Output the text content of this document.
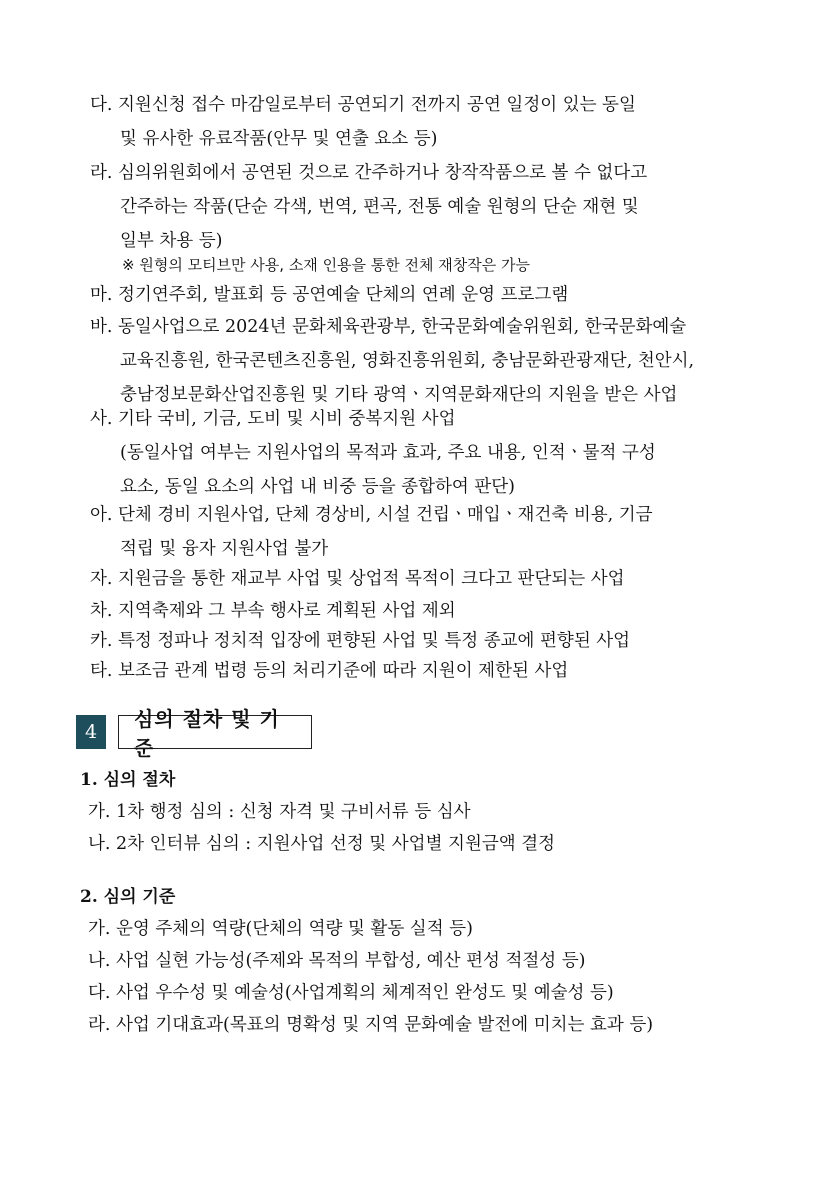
다. 지원신청 접수 마감일로부터 공연되기 전까지 공연 일정이 있는 동일
및 유사한 유료작품(안무 및 연출 요소 등)
라. 심의위원회에서 공연된 것으로 간주하거나 창작작품으로 볼 수 없다고
간주하는 작품(단순 각색, 번역, 편곡, 전통 예술 원형의 단순 재현 및
일부 차용 등)
※ 원형의 모티브만 사용, 소재 인용을 통한 전체 재창작은 가능
마. 정기연주회, 발표회 등 공연예술 단체의 연례 운영 프로그램
바. 동일사업으로 2024년 문화체육관광부, 한국문화예술위원회, 한국문화예술
교육진흥원, 한국콘텐츠진흥원, 영화진흥위원회, 충남문화관광재단, 천안시,
충남정보문화산업진흥원 및 기타 광역ㆍ지역문화재단의 지원을 받은 사업
사. 기타 국비, 기금, 도비 및 시비 중복지원 사업
(동일사업 여부는 지원사업의 목적과 효과, 주요 내용, 인적ㆍ물적 구성
요소, 동일 요소의 사업 내 비중 등을 종합하여 판단)
아. 단체 경비 지원사업, 단체 경상비, 시설 건립ㆍ매입ㆍ재건축 비용, 기금
적립 및 융자 지원사업 불가
자. 지원금을 통한 재교부 사업 및 상업적 목적이 크다고 판단되는 사업
차. 지역축제와 그 부속 행사로 계획된 사업 제외
카. 특정 정파나 정치적 입장에 편향된 사업 및 특정 종교에 편향된 사업
타. 보조금 관계 법령 등의 처리기준에 따라 지원이 제한된 사업
4
심의 절차 및 기준
1. 심의 절차
가. 1차 행정 심의 : 신청 자격 및 구비서류 등 심사
나. 2차 인터뷰 심의 : 지원사업 선정 및 사업별 지원금액 결정
2. 심의 기준
가. 운영 주체의 역량(단체의 역량 및 활동 실적 등)
나. 사업 실현 가능성(주제와 목적의 부합성, 예산 편성 적절성 등)
다. 사업 우수성 및 예술성(사업계획의 체계적인 완성도 및 예술성 등)
라. 사업 기대효과(목표의 명확성 및 지역 문화예술 발전에 미치는 효과 등)
